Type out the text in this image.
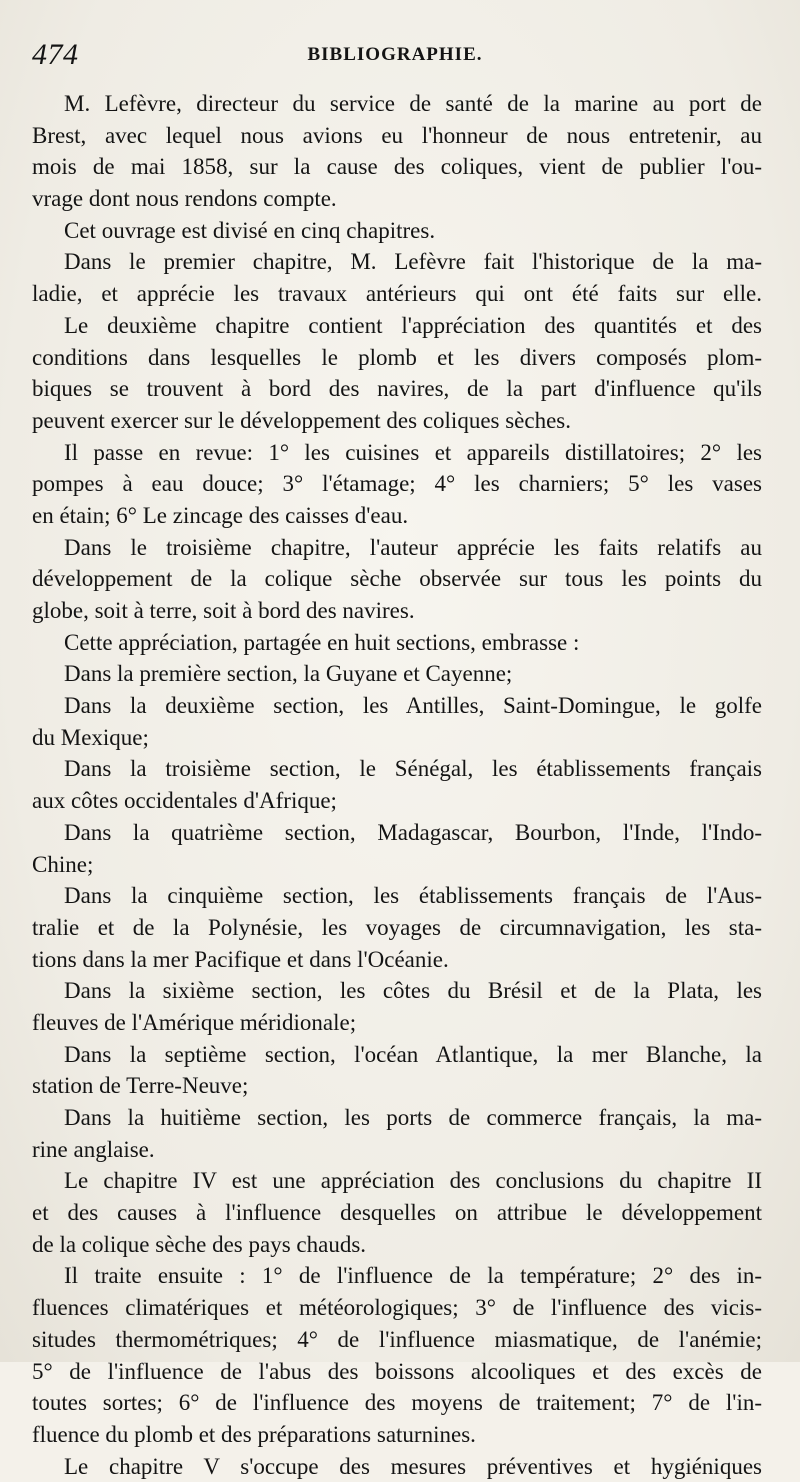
474	BIBLIOGRAPHIE.
M. Lefèvre, directeur du service de santé de la marine au port de
Brest, avec lequel nous avions eu l'honneur de nous entretenir, au
mois de mai 1858, sur la cause des coliques, vient de publier l'ou-
vrage dont nous rendons compte.
Cet ouvrage est divisé en cinq chapitres.
Dans le premier chapitre, M. Lefèvre fait l'historique de la ma-
ladie, et apprécie les travaux antérieurs qui ont été faits sur elle.
Le deuxième chapitre contient l'appréciation des quantités et des
conditions dans lesquelles le plomb et les divers composés plom-
biques se trouvent à bord des navires, de la part d'influence qu'ils
peuvent exercer sur le développement des coliques sèches.
Il passe en revue: 1° les cuisines et appareils distillatoires; 2° les
pompes à eau douce; 3° l'étamage; 4° les charniers; 5° les vases
en étain; 6° Le zincage des caisses d'eau.
Dans le troisième chapitre, l'auteur apprécie les faits relatifs au
développement de la colique sèche observée sur tous les points du
globe, soit à terre, soit à bord des navires.
Cette appréciation, partagée en huit sections, embrasse :
Dans la première section, la Guyane et Cayenne;
Dans la deuxième section, les Antilles, Saint-Domingue, le golfe
du Mexique;
Dans la troisième section, le Sénégal, les établissements français
aux côtes occidentales d'Afrique;
Dans la quatrième section, Madagascar, Bourbon, l'Inde, l'Indo-
Chine;
Dans la cinquième section, les établissements français de l'Aus-
tralie et de la Polynésie, les voyages de circumnavigation, les sta-
tions dans la mer Pacifique et dans l'Océanie.
Dans la sixième section, les côtes du Brésil et de la Plata, les
fleuves de l'Amérique méridionale;
Dans la septième section, l'océan Atlantique, la mer Blanche, la
station de Terre-Neuve;
Dans la huitième section, les ports de commerce français, la ma-
rine anglaise.
Le chapitre IV est une appréciation des conclusions du chapitre II
et des causes à l'influence desquelles on attribue le développement
de la colique sèche des pays chauds.
Il traite ensuite : 1° de l'influence de la température; 2° des in-
fluences climatériques et météorologiques; 3° de l'influence des vicis-
situdes thermométriques; 4° de l'influence miasmatique, de l'anémie;
5° de l'influence de l'abus des boissons alcooliques et des excès de
toutes sortes; 6° de l'influence des moyens de traitement; 7° de l'in-
fluence du plomb et des préparations saturnines.
Le chapitre V s'occupe des mesures préventives et hygiéniques
